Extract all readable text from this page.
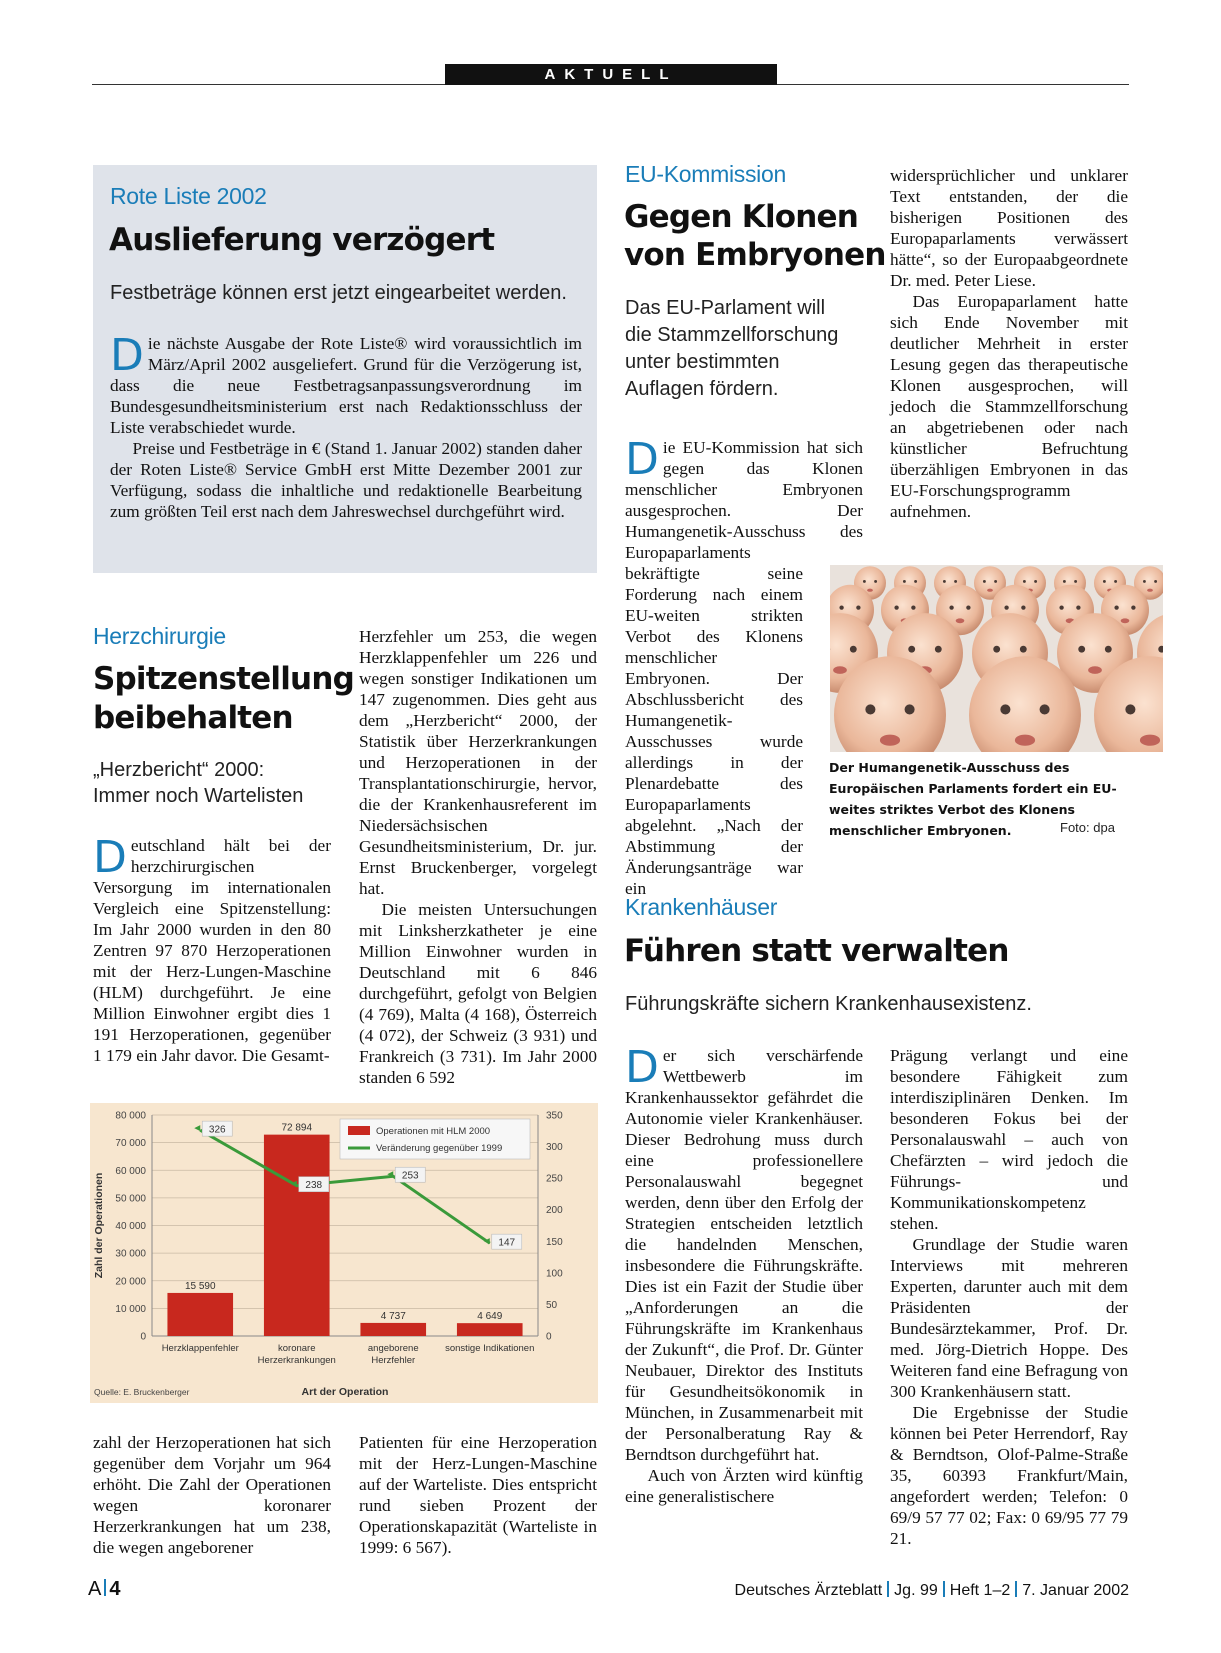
AKTUELL
Rote Liste 2002
Auslieferung verzögert
Festbeträge können erst jetzt eingearbeitet werden.

Die nächste Ausgabe der Rote Liste® wird voraussichtlich im März/April 2002 ausgeliefert. Grund für die Verzögerung ist, dass die neue Festbetragsanpassungsverordnung im Bundesgesundheitsministerium erst nach Redaktionsschluss der Liste verabschiedet wurde.

Preise und Festbeträge in € (Stand 1. Januar 2002) standen daher der Roten Liste® Service GmbH erst Mitte Dezember 2001 zur Verfügung, sodass die inhaltliche und redaktionelle Bearbeitung zum größten Teil erst nach dem Jahreswechsel durchgeführt wird.

Herzchirurgie
Spitzenstellung
beibehalten
„Herzbericht“ 2000:
Immer noch Wartelisten

Deutschland hält bei der herzchirurgischen Versorgung im internationalen Vergleich eine Spitzenstellung: Im Jahr 2000 wurden in den 80 Zentren 97 870 Herzoperationen mit der Herz-Lungen-Maschine (HLM) durchgeführt. Je eine Million Einwohner ergibt dies 1 191 Herzoperationen, gegenüber 1 179 ein Jahr davor. Die Gesamt-

Herzfehler um 253, die wegen Herzklappenfehler um 226 und wegen sonstiger Indikationen um 147 zugenommen. Dies geht aus dem „Herzbericht“ 2000, der Statistik über Herzerkrankungen und Herzoperationen in der Transplantationschirurgie, hervor, die der Krankenhausreferent im Niedersächsischen Gesundheitsministerium, Dr. jur. Ernst Bruckenberger, vorgelegt hat.

Die meisten Untersuchungen mit Linksherzkatheter je eine Million Einwohner wurden in Deutschland mit 6 846 durchgeführt, gefolgt von Belgien (4 769), Malta (4 168), Österreich (4 072), der Schweiz (3 931) und Frankreich (3 731). Im Jahr 2000 standen 6 592

0
10 000
20 000
30 000
40 000
50 000
60 000
70 000
80 000
0
50
100
150
200
250
300
350
15 590
Herzklappenfehler
72 894
koronare
Herzerkrankungen
4 737
angeborene
Herzfehler
4 649
sonstige Indikationen
326
238
253
147
Operationen mit HLM 2000
Veränderung gegenüber 1999
Zahl der Operationen
Art der Operation
Quelle: E. Bruckenberger
zahl der Herzoperationen hat sich gegenüber dem Vorjahr um 964 erhöht. Die Zahl der Operationen wegen koronarer Herzerkrankungen hat um 238, die wegen angeborener
Patienten für eine Herzoperation mit der Herz-Lungen-Maschine auf der Warteliste. Dies entspricht rund sieben Prozent der Operationskapazität (Warteliste in 1999: 6 567).
EU-Kommission
Gegen Klonen
von Embryonen
Das EU-Parlament will
die Stammzellforschung
unter bestimmten
Auflagen fördern.

Die EU-Kommission hat sich gegen das Klonen menschlicher Embryonen ausgesprochen. Der Humangenetik-Ausschuss des Europaparlaments

bekräftigte seine Forderung nach einem EU-weiten strikten Verbot des Klonens menschlicher Embryonen. Der Abschlussbericht des Humangenetik-Ausschusses wurde allerdings in der Plenardebatte des Europaparlaments abgelehnt. „Nach der Abstimmung der Änderungsanträge war ein

widersprüchlicher und unklarer Text entstanden, der die bisherigen Positionen des Europaparlaments verwässert hätte“, so der Europaabgeordnete Dr. med. Peter Liese.

Das Europaparlament hatte sich Ende November mit deutlicher Mehrheit in erster Lesung gegen das therapeutische Klonen ausgesprochen, will jedoch die Stammzellforschung an abgetriebenen oder nach künstlicher Befruchtung überzähligen Embryonen in das EU-Forschungsprogramm aufnehmen.

Der Humangenetik-Ausschuss des Europäischen Parlaments fordert ein EU-weites striktes Verbot des Klonens menschlicher Embryonen.	Foto: dpa
Krankenhäuser
Führen statt verwalten
Führungskräfte sichern Krankenhausexistenz.

Der sich verschärfende Wettbewerb im Krankenhaussektor gefährdet die Autonomie vieler Krankenhäuser. Dieser Bedrohung muss durch eine professionellere Personalauswahl begegnet werden, denn über den Erfolg der Strategien entscheiden letztlich die handelnden Menschen, insbesondere die Führungskräfte. Dies ist ein Fazit der Studie über „Anforderungen an die Führungskräfte im Krankenhaus der Zukunft“, die Prof. Dr. Günter Neubauer, Direktor des Instituts für Gesundheitsökonomik in München, in Zusammenarbeit mit der Personalberatung Ray & Berndtson durchgeführt hat.

Auch von Ärzten wird künftig eine generalistischere

Prägung verlangt und eine besondere Fähigkeit zum interdisziplinären Denken. Im besonderen Fokus bei der Personalauswahl – auch von Chefärzten – wird jedoch die Führungs- und Kommunikationskompetenz stehen.

Grundlage der Studie waren Interviews mit mehreren Experten, darunter auch mit dem Präsidenten der Bundesärztekammer, Prof. Dr. med. Jörg-Dietrich Hoppe. Des Weiteren fand eine Befragung von 300 Krankenhäusern statt.

Die Ergebnisse der Studie können bei Peter Herrendorf, Ray & Berndtson, Olof-Palme-Straße 35, 60393 Frankfurt/Main, angefordert werden; Telefon: 0 69/9 57 77 02; Fax: 0 69/95 77 79 21.

A 4	Deutsches Ärzteblatt Jg. 99 Heft 1–2 7. Januar 2002
